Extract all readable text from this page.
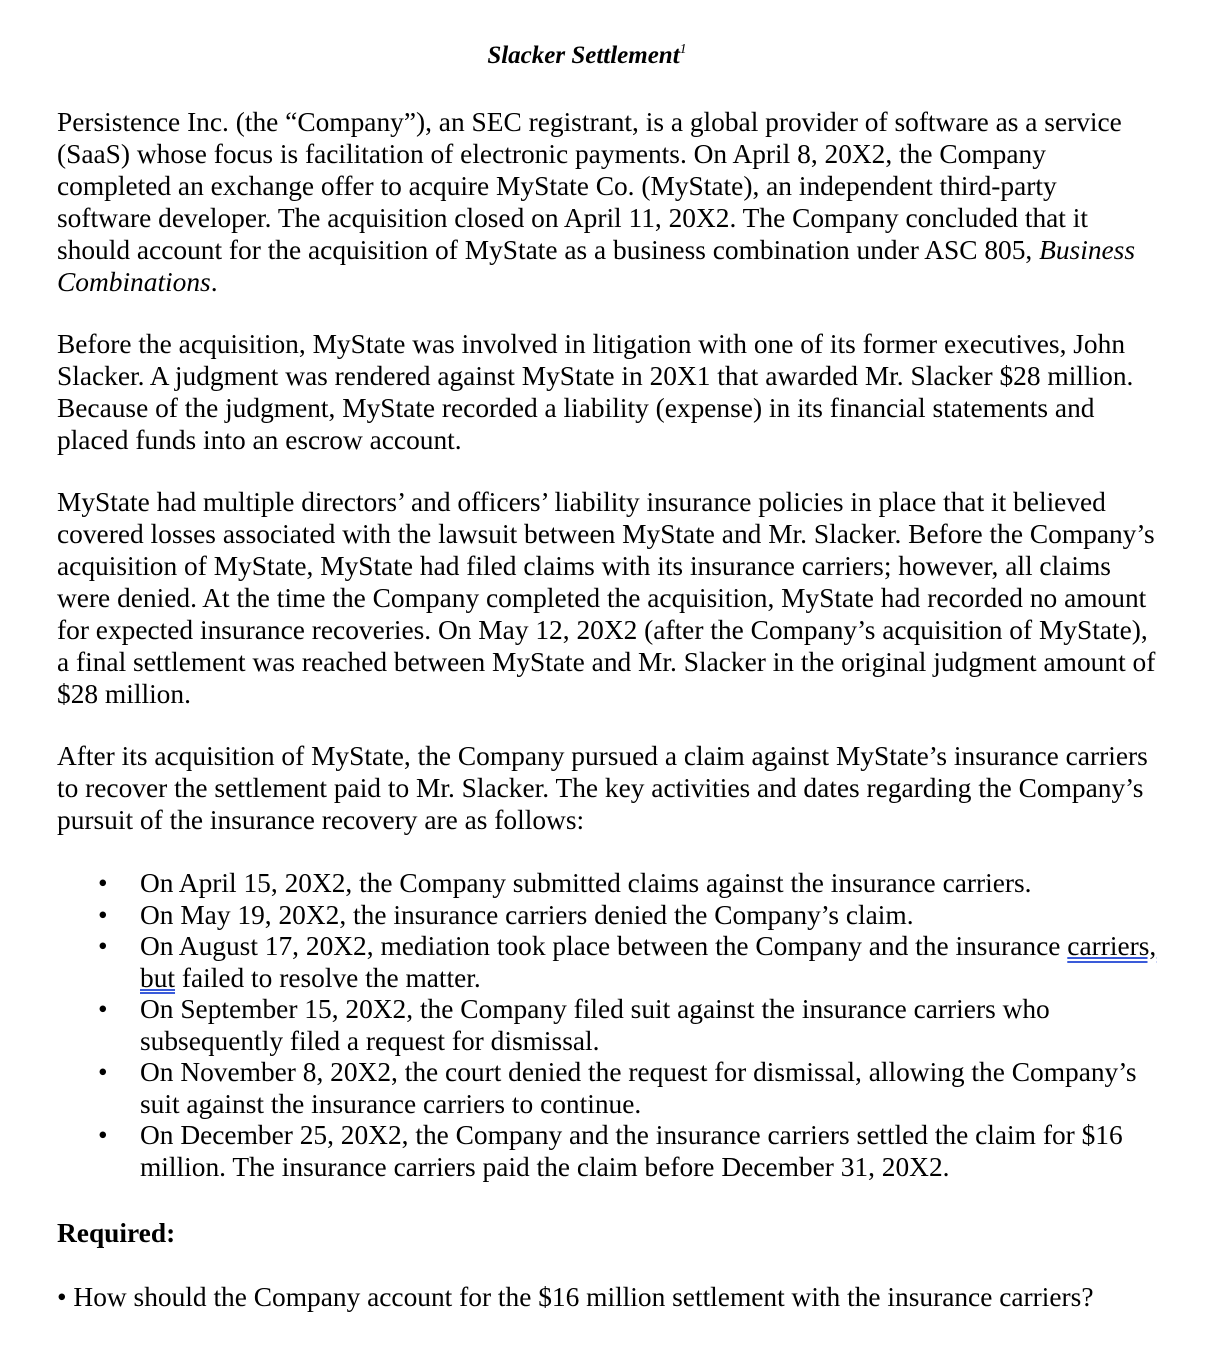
Slacker Settlement$^1$

Persistence Inc. (the “Company”), an SEC registrant, is a global provider of software as a service (SaaS) whose focus is facilitation of electronic payments. On April 8, 20X2, the Company completed an exchange offer to acquire MyState Co. (MyState), an independent third-party software developer. The acquisition closed on April 11, 20X2. The Company concluded that it should account for the acquisition of MyState as a business combination under ASC 805, Business Combinations.

Before the acquisition, MyState was involved in litigation with one of its former executives, John Slacker. A judgment was rendered against MyState in 20X1 that awarded Mr. Slacker $28 million. Because of the judgment, MyState recorded a liability (expense) in its financial statements and placed funds into an escrow account.

MyState had multiple directors’ and officers’ liability insurance policies in place that it believed covered losses associated with the lawsuit between MyState and Mr. Slacker. Before the Company’s acquisition of MyState, MyState had filed claims with its insurance carriers; however, all claims were denied. At the time the Company completed the acquisition, MyState had recorded no amount for expected insurance recoveries. On May 12, 20X2 (after the Company’s acquisition of MyState), a final settlement was reached between MyState and Mr. Slacker in the original judgment amount of $28 million.

After its acquisition of MyState, the Company pursued a claim against MyState’s insurance carriers to recover the settlement paid to Mr. Slacker. The key activities and dates regarding the Company’s pursuit of the insurance recovery are as follows:

• On April 15, 20X2, the Company submitted claims against the insurance carriers.
• On May 19, 20X2, the insurance carriers denied the Company’s claim.
• On August 17, 20X2, mediation took place between the Company and the insurance carriers, but failed to resolve the matter.
• On September 15, 20X2, the Company filed suit against the insurance carriers who subsequently filed a request for dismissal.
• On November 8, 20X2, the court denied the request for dismissal, allowing the Company’s suit against the insurance carriers to continue.
• On December 25, 20X2, the Company and the insurance carriers settled the claim for $16 million. The insurance carriers paid the claim before December 31, 20X2.
Required:

• How should the Company account for the $16 million settlement with the insurance carriers?
